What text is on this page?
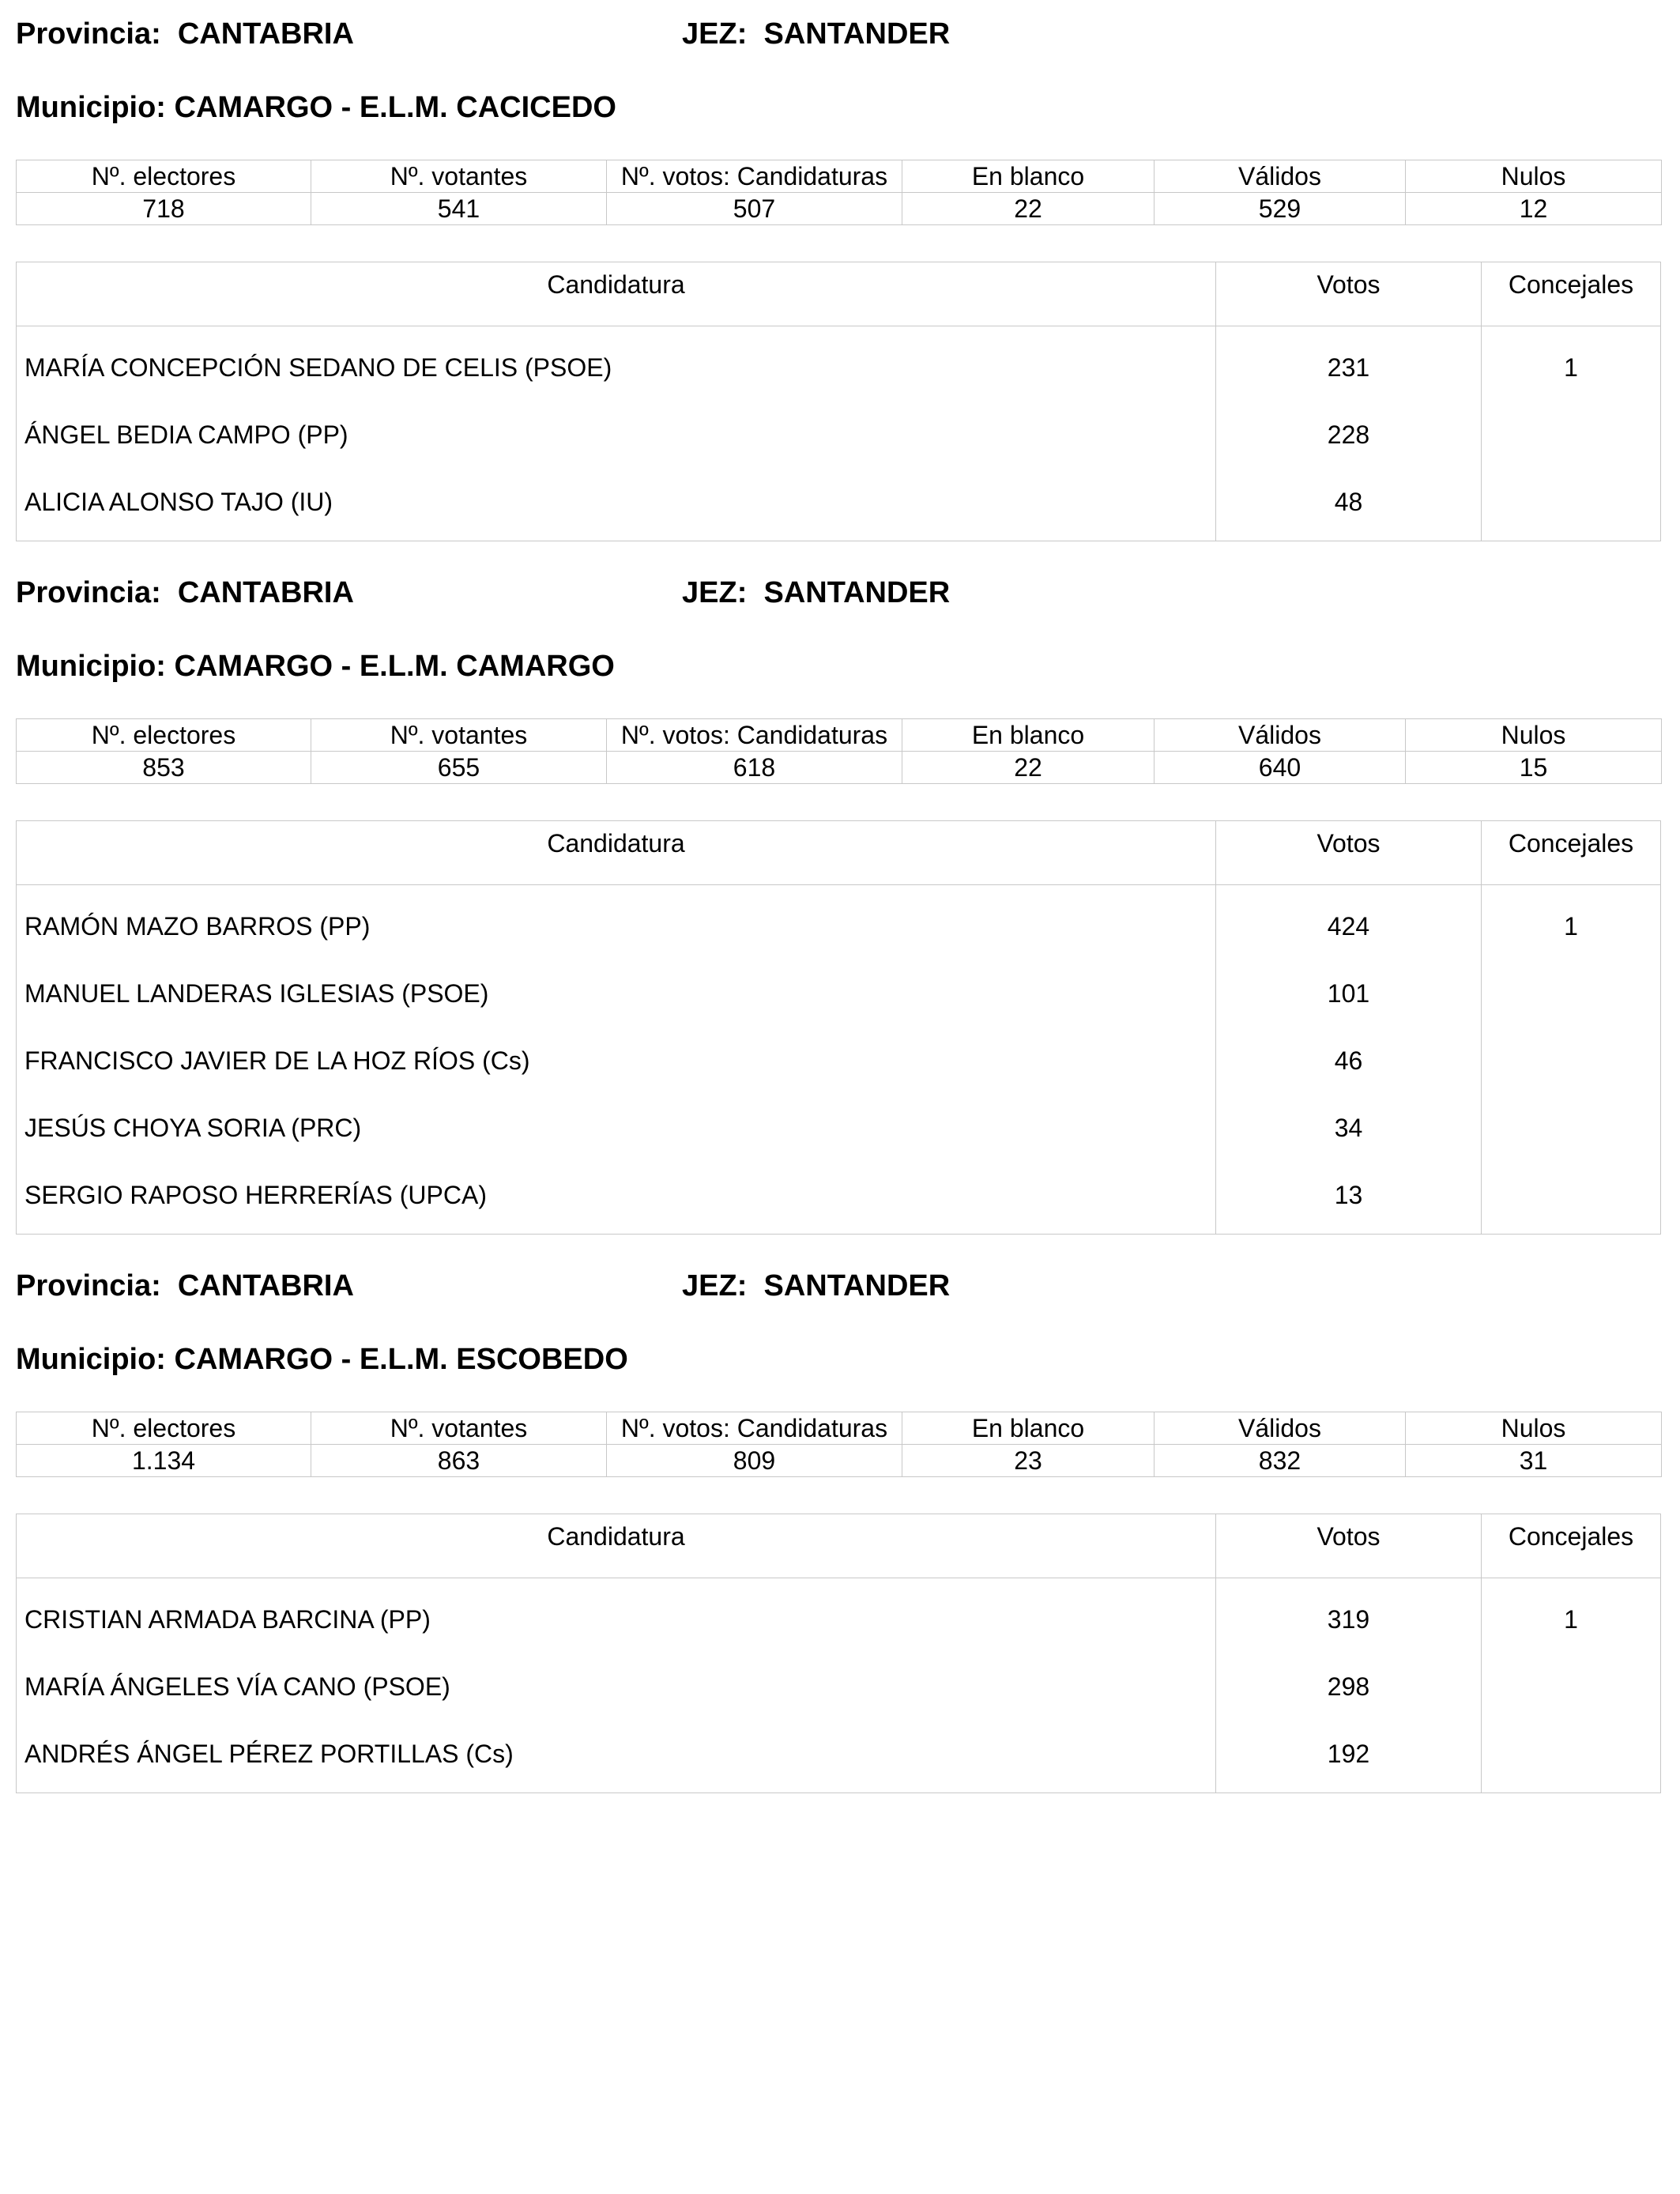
Provincia: CANTABRIA	JEZ: SANTANDER
Municipio: CAMARGO - E.L.M. CACICEDO
Nº. electores	Nº. votantes	Nº. votos: Candidaturas	En blanco	Válidos	Nulos
718	541	507	22	529	12
Candidatura	Votos	Concejales
MARÍA CONCEPCIÓN SEDANO DE CELIS (PSOE)	231	1
ÁNGEL BEDIA CAMPO (PP)	228
ALICIA ALONSO TAJO (IU)	48
Provincia: CANTABRIA	JEZ: SANTANDER
Municipio: CAMARGO - E.L.M. CAMARGO
Nº. electores	Nº. votantes	Nº. votos: Candidaturas	En blanco	Válidos	Nulos
853	655	618	22	640	15
Candidatura	Votos	Concejales
RAMÓN MAZO BARROS (PP)	424	1
MANUEL LANDERAS IGLESIAS (PSOE)	101
FRANCISCO JAVIER DE LA HOZ RÍOS (Cs)	46
JESÚS CHOYA SORIA (PRC)	34
SERGIO RAPOSO HERRERÍAS (UPCA)	13
Provincia: CANTABRIA	JEZ: SANTANDER
Municipio: CAMARGO - E.L.M. ESCOBEDO
Nº. electores	Nº. votantes	Nº. votos: Candidaturas	En blanco	Válidos	Nulos
1.134	863	809	23	832	31
Candidatura	Votos	Concejales
CRISTIAN ARMADA BARCINA (PP)	319	1
MARÍA ÁNGELES VÍA CANO (PSOE)	298
ANDRÉS ÁNGEL PÉREZ PORTILLAS (Cs)	192
